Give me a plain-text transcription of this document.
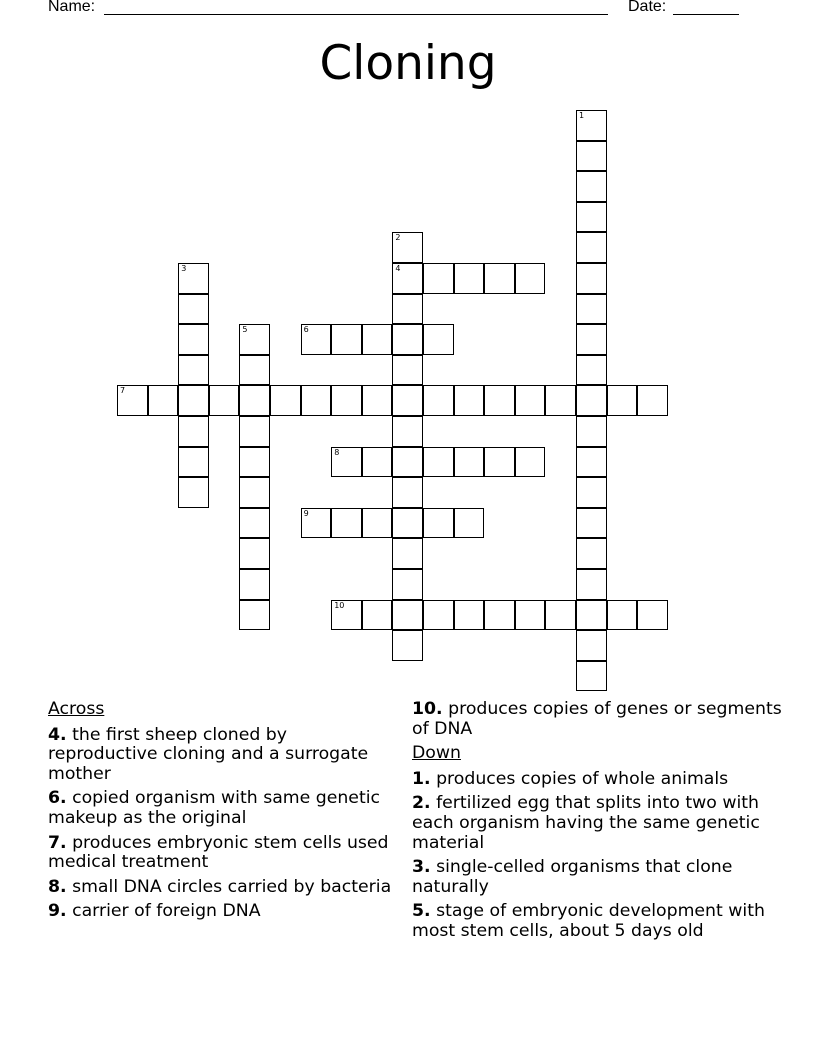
Name:	Date:
Cloning
1
2
4
3
5	6
7
8
9
10
Across
4. the first sheep cloned by reproductive cloning and a surrogate mother
6. copied organism with same genetic makeup as the original
7. produces embryonic stem cells used medical treatment
8. small DNA circles carried by bacteria
9. carrier of foreign DNA
10. produces copies of genes or segments of DNA
Down
1. produces copies of whole animals
2. fertilized egg that splits into two with each organism having the same genetic material
3. single-celled organisms that clone naturally
5. stage of embryonic development with most stem cells, about 5 days old
